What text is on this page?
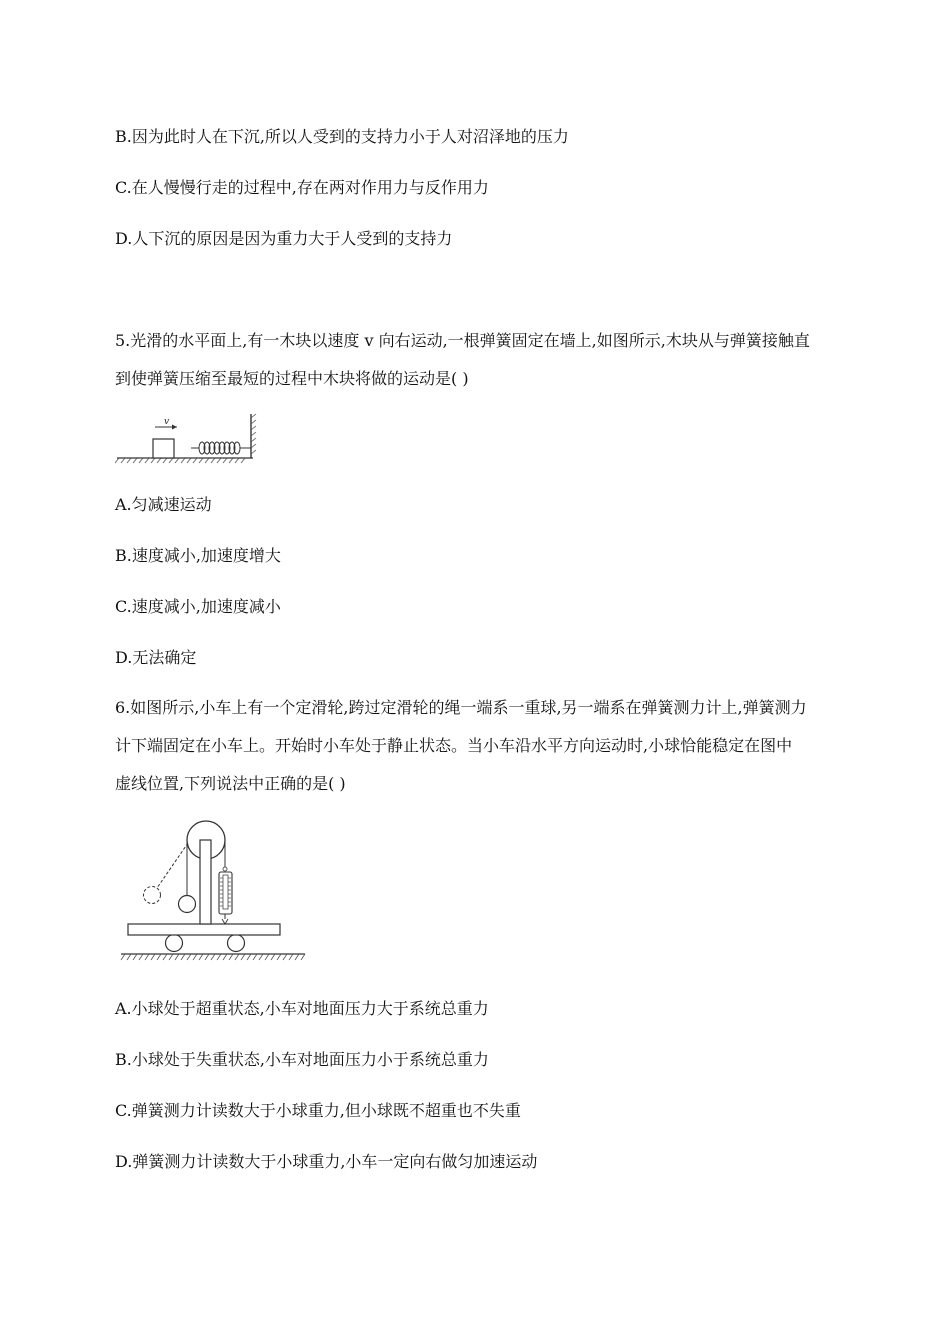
B.因为此时人在下沉,所以人受到的支持力小于人对沼泽地的压力
C.在人慢慢行走的过程中,存在两对作用力与反作用力
D.人下沉的原因是因为重力大于人受到的支持力
5.光滑的水平面上,有一木块以速度 v 向右运动,一根弹簧固定在墙上,如图所示,木块从与弹簧接触直
到使弹簧压缩至最短的过程中木块将做的运动是( )
v
A.匀减速运动
B.速度减小,加速度增大
C.速度减小,加速度减小
D.无法确定
6.如图所示,小车上有一个定滑轮,跨过定滑轮的绳一端系一重球,另一端系在弹簧测力计上,弹簧测力
计下端固定在小车上。开始时小车处于静止状态。当小车沿水平方向运动时,小球恰能稳定在图中
虚线位置,下列说法中正确的是( )
A.小球处于超重状态,小车对地面压力大于系统总重力
B.小球处于失重状态,小车对地面压力小于系统总重力
C.弹簧测力计读数大于小球重力,但小球既不超重也不失重
D.弹簧测力计读数大于小球重力,小车一定向右做匀加速运动
